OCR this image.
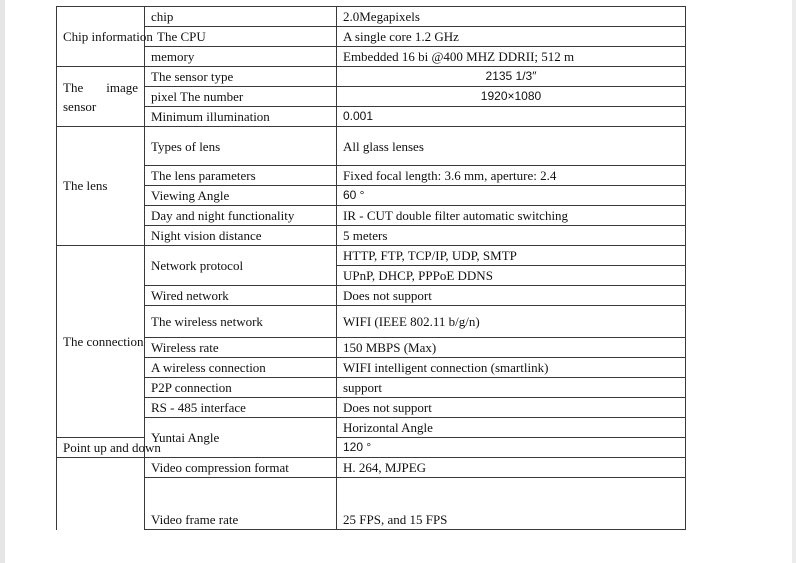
Chip information	chip	2.0Megapixels	
	The CPU	A single core 1.2 GHz	
	memory	Embedded 16 bi @400 MHZ DDRII; 512 m	

The image
sensor	The sensor type	2135 1/3″	
	pixel The number	1920×1080	
	Minimum illumination	0.001	
The lens	Types of lens	All glass lenses	
	The lens parameters	Fixed focal length: 3.6 mm, aperture: 2.4	
	Viewing Angle	60 °	
	Day and night functionality	IR - CUT double filter automatic switching	
	Night vision distance	5 meters	
The connection	Network protocol	HTTP, FTP, TCP/IP, UDP, SMTP	
		UPnP, DHCP, PPPoE DDNS	
	Wired network	Does not support	
	The wireless network	WIFI (IEEE 802.11 b/g/n)	
	Wireless rate	150 MBPS (Max)	
	A wireless connection	WIFI intelligent connection (smartlink)	
	P2P connection	support	
	RS - 485 interface	Does not support	
	Yuntai Angle	Horizontal Angle	
Point up and down		120 °	
	Video compression format	H. 264, MJPEG	
	Video frame rate	25 FPS, and 15 FPS	
